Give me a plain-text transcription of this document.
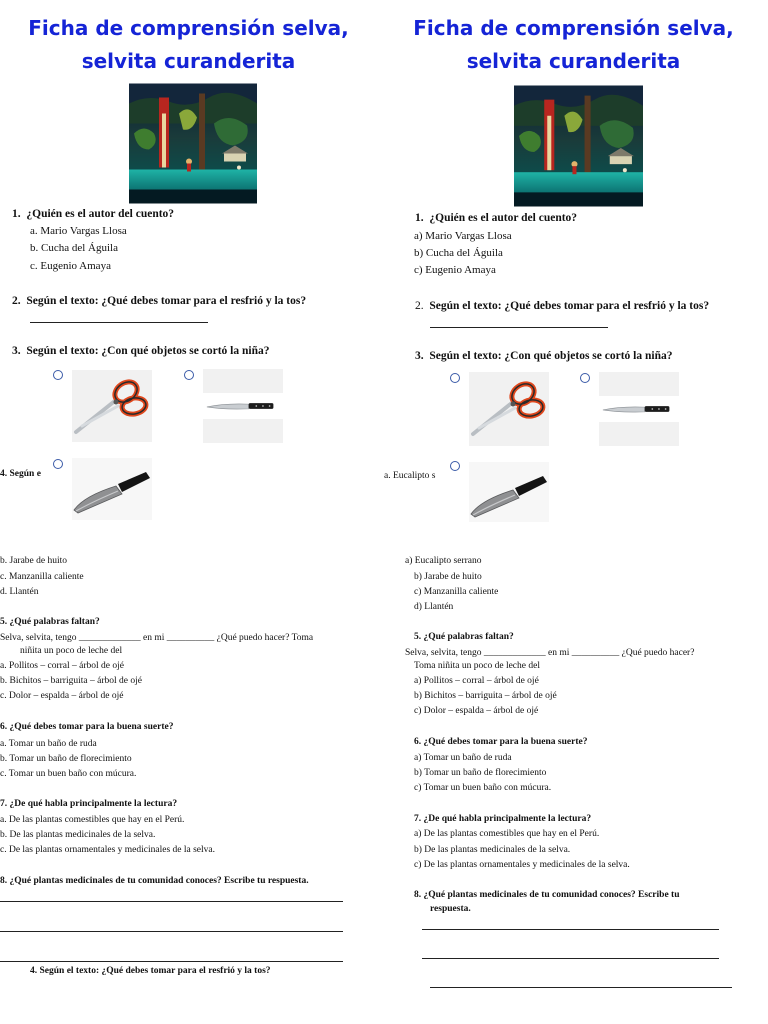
Ficha de comprensión selva,
selvita curanderita
1. ¿Quién es el autor del cuento?
a. Mario Vargas Llosa
b. Cucha del Águila
c. Eugenio Amaya
2. Según el texto: ¿Qué debes tomar para el resfrió y la tos?
3. Según el texto: ¿Con qué objetos se cortó la niña?
4. Según e
b. Jarabe de huito
c. Manzanilla caliente
d. Llantén
5. ¿Qué palabras faltan?
Selva, selvita, tengo _____________ en mi __________ ¿Qué puedo hacer? Toma
niñita un poco de leche del
a. Pollitos – corral – árbol de ojé
b. Bichitos – barriguita – árbol de ojé
c. Dolor – espalda – árbol de ojé
6. ¿Qué debes tomar para la buena suerte?
a. Tomar un baño de ruda
b. Tomar un baño de florecimiento
c. Tomar un buen baño con múcura.
7. ¿De qué habla principalmente la lectura?
a. De las plantas comestibles que hay en el Perú.
b. De las plantas medicinales de la selva.
c. De las plantas ornamentales y medicinales de la selva.
8. ¿Qué plantas medicinales de tu comunidad conoces? Escribe tu respuesta.
4. Según el texto: ¿Qué debes tomar para el resfrió y la tos?
Ficha de comprensión selva,
selvita curanderita
1. ¿Quién es el autor del cuento?
a) Mario Vargas Llosa
b) Cucha del Águila
c) Eugenio Amaya
2. Según el texto: ¿Qué debes tomar para el resfrió y la tos?
3. Según el texto: ¿Con qué objetos se cortó la niña?
a. Eucalipto s
a) Eucalipto serrano
b) Jarabe de huito
c) Manzanilla caliente
d) Llantén
5. ¿Qué palabras faltan?
Selva, selvita, tengo _____________ en mi __________ ¿Qué puedo hacer?
Toma niñita un poco de leche del
a) Pollitos – corral – árbol de ojé
b) Bichitos – barriguita – árbol de ojé
c) Dolor – espalda – árbol de ojé
6. ¿Qué debes tomar para la buena suerte?
a) Tomar un baño de ruda
b) Tomar un baño de florecimiento
c) Tomar un buen baño con múcura.
7. ¿De qué habla principalmente la lectura?
a) De las plantas comestibles que hay en el Perú.
b) De las plantas medicinales de la selva.
c) De las plantas ornamentales y medicinales de la selva.
8. ¿Qué plantas medicinales de tu comunidad conoces? Escribe tu
respuesta.
